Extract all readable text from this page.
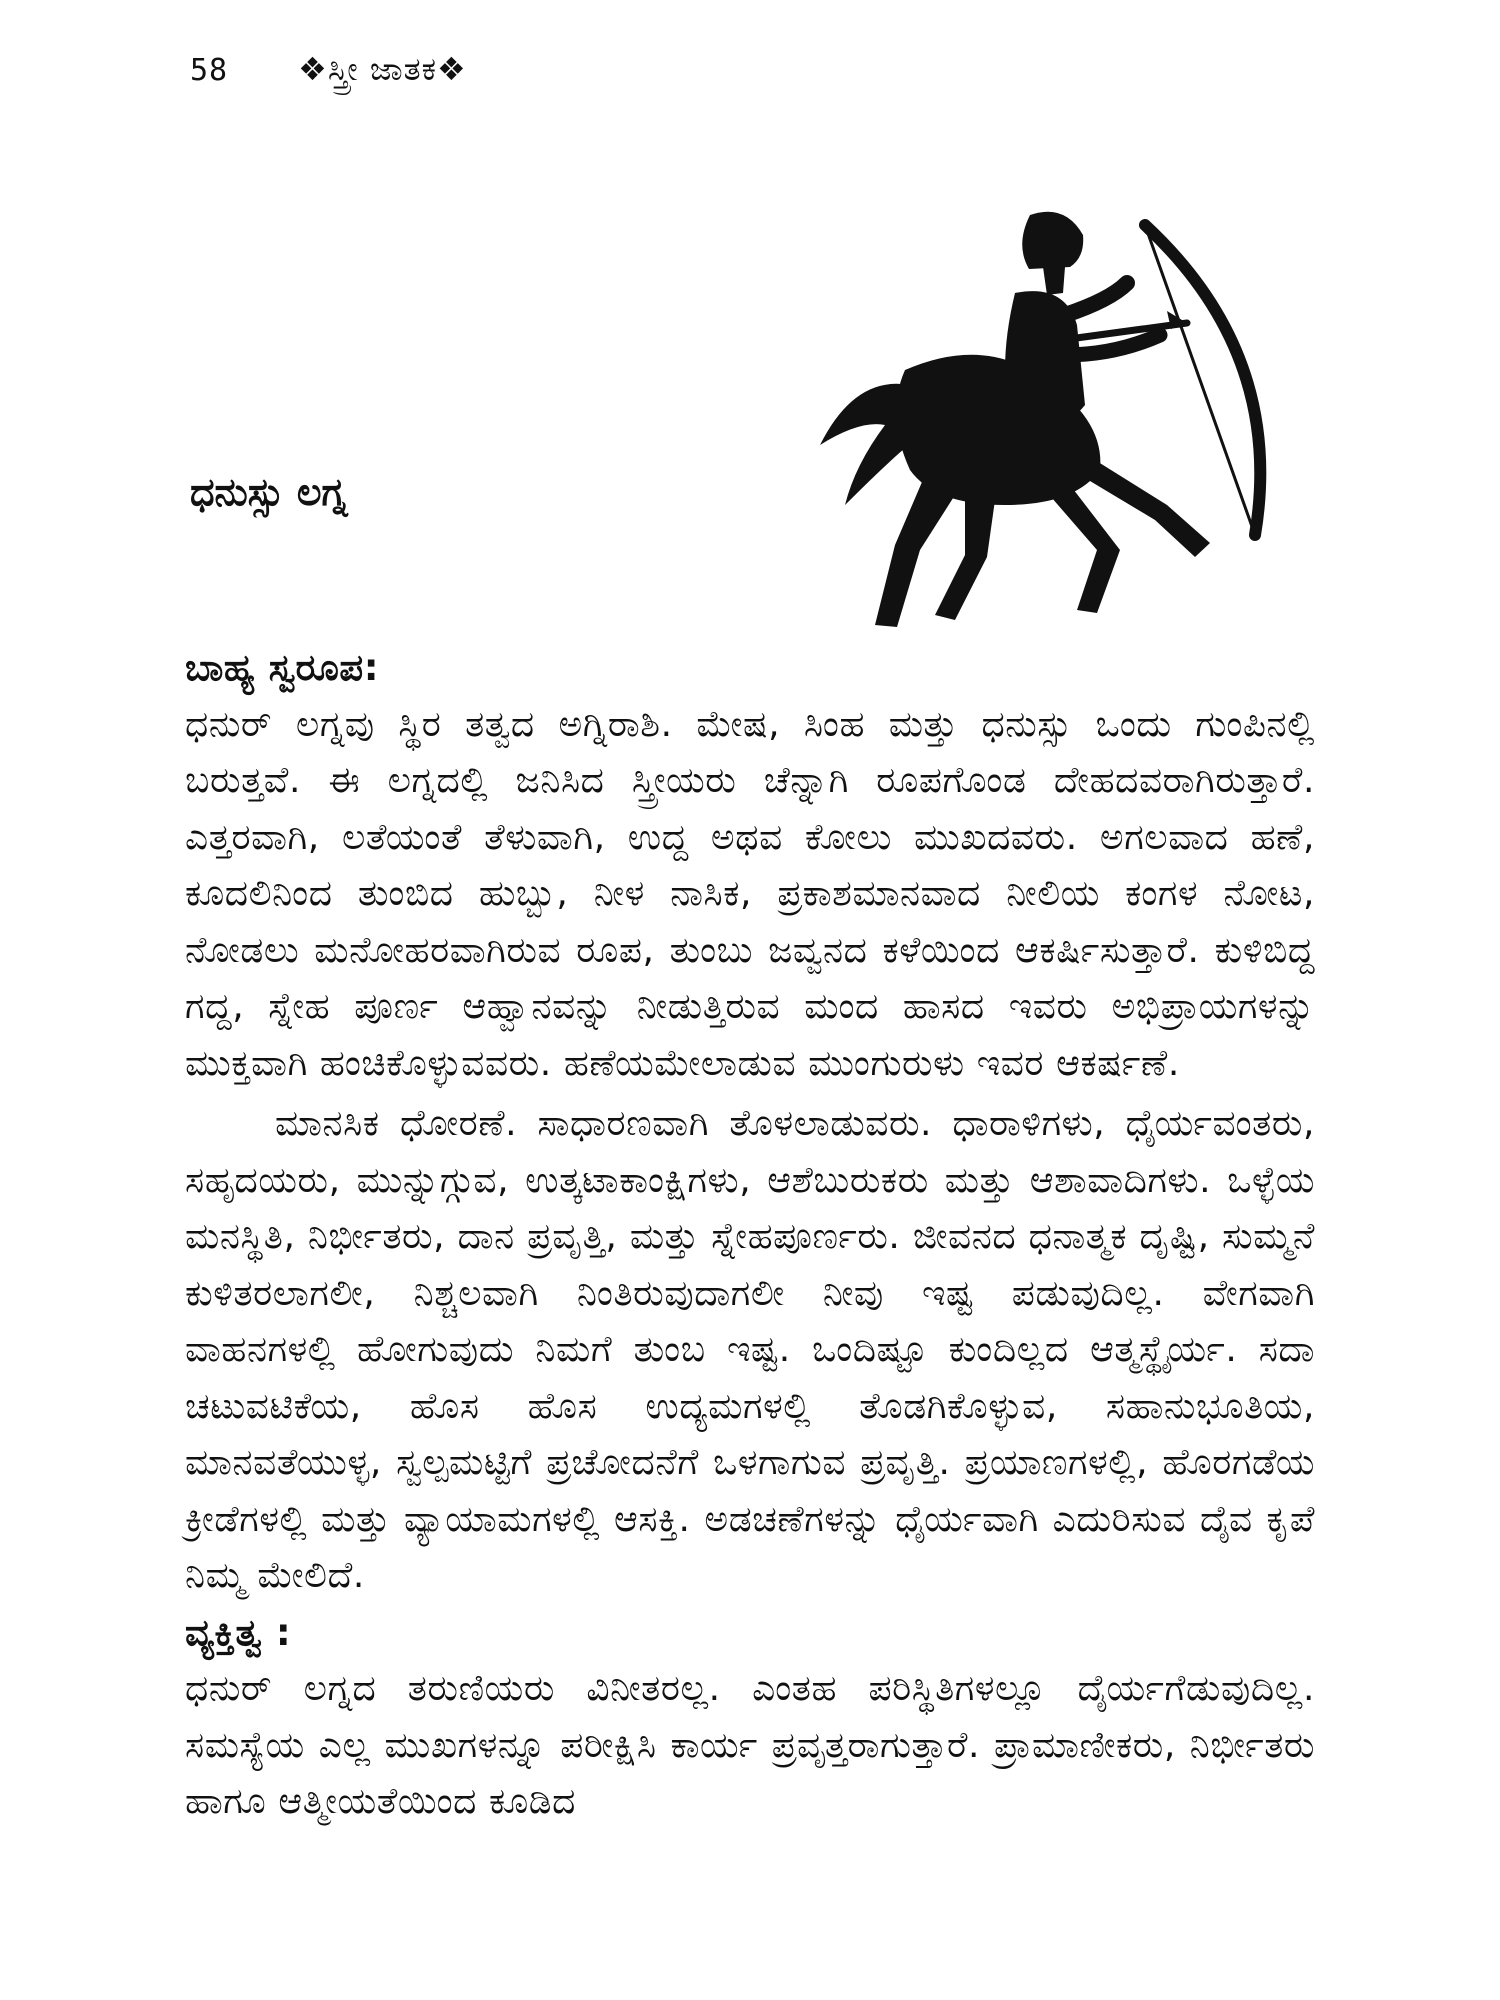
58 ❖ಸ್ತ್ರೀ ಜಾತಕ❖
ಧನುಸ್ಸು ಲಗ್ನ

ಬಾಹ್ಯ ಸ್ವರೂಪ:

ಧನುರ್ ಲಗ್ನವು ಸ್ಥಿರ ತತ್ವದ ಅಗ್ನಿರಾಶಿ. ಮೇಷ, ಸಿಂಹ ಮತ್ತು ಧನುಸ್ಸು ಒಂದು ಗುಂಪಿನಲ್ಲಿ ಬರುತ್ತವೆ. ಈ ಲಗ್ನದಲ್ಲಿ ಜನಿಸಿದ ಸ್ತ್ರೀಯರು ಚೆನ್ನಾಗಿ ರೂಪಗೊಂಡ ದೇಹದವರಾಗಿರುತ್ತಾರೆ. ಎತ್ತರವಾಗಿ, ಲತೆಯಂತೆ ತೆಳುವಾಗಿ, ಉದ್ದ ಅಥವ ಕೋಲು ಮುಖದವರು. ಅಗಲವಾದ ಹಣೆ, ಕೂದಲಿನಿಂದ ತುಂಬಿದ ಹುಬ್ಬು, ನೀಳ ನಾಸಿಕ, ಪ್ರಕಾಶಮಾನವಾದ ನೀಲಿಯ ಕಂಗಳ ನೋಟ, ನೋಡಲು ಮನೋಹರವಾಗಿರುವ ರೂಪ, ತುಂಬು ಜವ್ವನದ ಕಳೆಯಿಂದ ಆಕರ್ಷಿಸುತ್ತಾರೆ. ಕುಳಿಬಿದ್ದ ಗದ್ದ, ಸ್ನೇಹ ಪೂರ್ಣ ಆಹ್ವಾನವನ್ನು ನೀಡುತ್ತಿರುವ ಮಂದ ಹಾಸದ ಇವರು ಅಭಿಪ್ರಾಯಗಳನ್ನು ಮುಕ್ತವಾಗಿ ಹಂಚಿಕೊಳ್ಳುವವರು. ಹಣೆಯಮೇಲಾಡುವ ಮುಂಗುರುಳು ಇವರ ಆಕರ್ಷಣೆ.

ಮಾನಸಿಕ ಧೋರಣೆ. ಸಾಧಾರಣವಾಗಿ ತೊಳಲಾಡುವರು. ಧಾರಾಳಿಗಳು, ಧೈರ್ಯವಂತರು, ಸಹೃದಯರು, ಮುನ್ನುಗ್ಗುವ, ಉತ್ಕಟಾಕಾಂಕ್ಷಿಗಳು, ಆಶೆಬುರುಕರು ಮತ್ತು ಆಶಾವಾದಿಗಳು. ಒಳ್ಳೆಯ ಮನಸ್ಥಿತಿ, ನಿರ್ಭೀತರು, ದಾನ ಪ್ರವೃತ್ತಿ, ಮತ್ತು ಸ್ನೇಹಪೂರ್ಣರು. ಜೀವನದ ಧನಾತ್ಮಕ ದೃಷ್ಟಿ, ಸುಮ್ಮನೆ ಕುಳಿತರಲಾಗಲೀ, ನಿಶ್ಚಲವಾಗಿ ನಿಂತಿರುವುದಾಗಲೀ ನೀವು ಇಷ್ಟ ಪಡುವುದಿಲ್ಲ. ವೇಗವಾಗಿ ವಾಹನಗಳಲ್ಲಿ ಹೋಗುವುದು ನಿಮಗೆ ತುಂಬ ಇಷ್ಟ. ಒಂದಿಷ್ಟೂ ಕುಂದಿಲ್ಲದ ಆತ್ಮಸ್ಥೈರ್ಯ. ಸದಾ ಚಟುವಟಿಕೆಯ, ಹೊಸ ಹೊಸ ಉದ್ಯಮಗಳಲ್ಲಿ ತೊಡಗಿಕೊಳ್ಳುವ, ಸಹಾನುಭೂತಿಯ, ಮಾನವತೆಯುಳ್ಳ, ಸ್ವಲ್ಪಮಟ್ಟಿಗೆ ಪ್ರಚೋದನೆಗೆ ಒಳಗಾಗುವ ಪ್ರವೃತ್ತಿ. ಪ್ರಯಾಣಗಳಲ್ಲಿ, ಹೊರಗಡೆಯ ಕ್ರೀಡೆಗಳಲ್ಲಿ ಮತ್ತು ವ್ಯಾಯಾಮಗಳಲ್ಲಿ ಆಸಕ್ತಿ. ಅಡಚಣೆಗಳನ್ನು ಧೈರ್ಯವಾಗಿ ಎದುರಿಸುವ ದೈವ ಕೃಪೆ ನಿಮ್ಮ ಮೇಲಿದೆ.

ವ್ಯಕ್ತಿತ್ವ :

ಧನುರ್ ಲಗ್ನದ ತರುಣಿಯರು ವಿನೀತರಲ್ಲ. ಎಂತಹ ಪರಿಸ್ಥಿತಿಗಳಲ್ಲೂ ದೈರ್ಯಗೆಡುವುದಿಲ್ಲ. ಸಮಸ್ಯೆಯ ಎಲ್ಲ ಮುಖಗಳನ್ನೂ ಪರೀಕ್ಷಿಸಿ ಕಾರ್ಯ ಪ್ರವೃತ್ತರಾಗುತ್ತಾರೆ. ಪ್ರಾಮಾಣೀಕರು, ನಿರ್ಭೀತರು ಹಾಗೂ ಆತ್ಮೀಯತೆಯಿಂದ ಕೂಡಿದ
